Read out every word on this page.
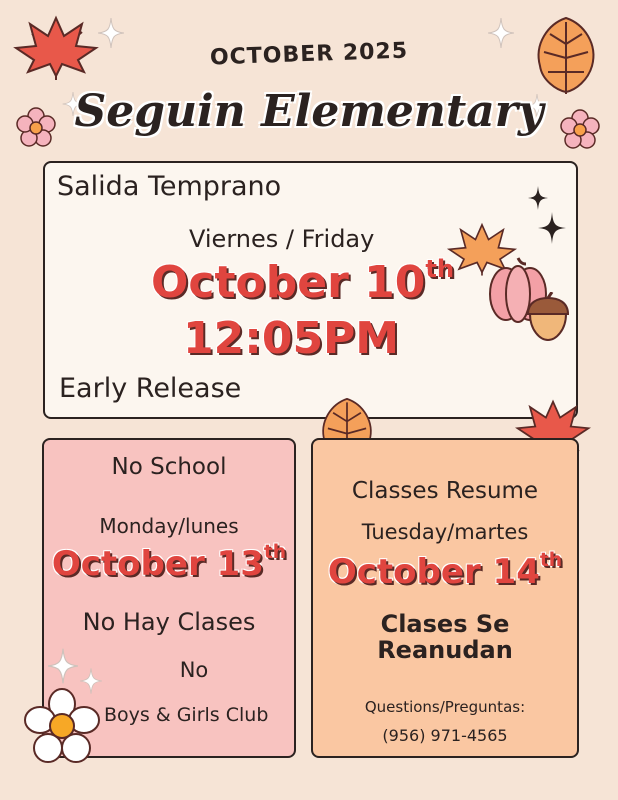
OCTOBER 2025
Seguin Elementary
Salida Temprano
Viernes / Friday
October 10th
12:05PM
Early Release
No School
Monday/lunes
October 13th
No Hay Clases
No
Boys & Girls Club
Classes Resume
Tuesday/martes
October 14th
Clases Se
Reanudan
Questions/Preguntas:
(956) 971-4565
